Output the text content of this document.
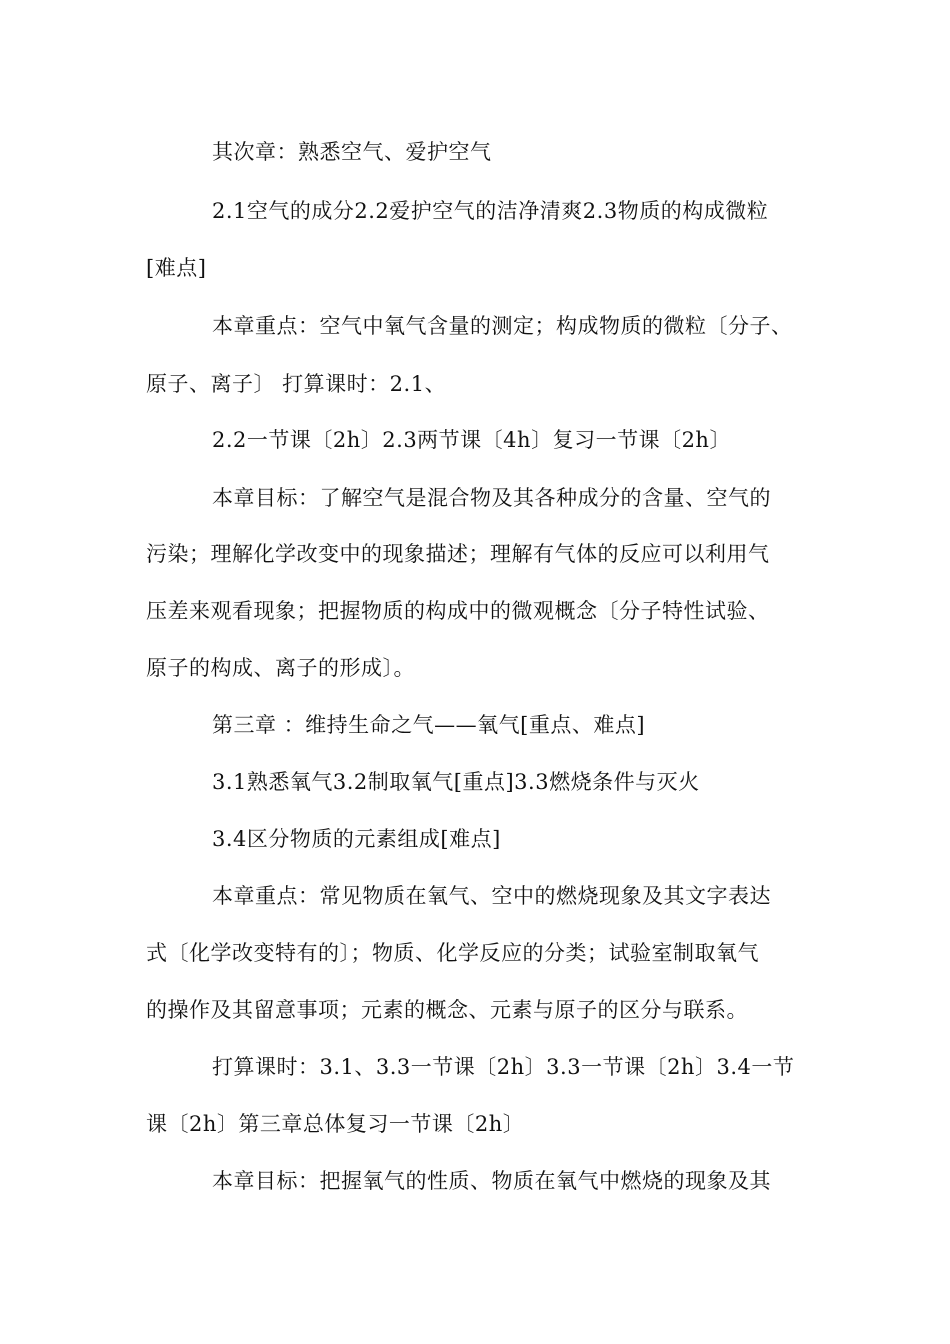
其次章：熟悉空气、爱护空气
2.1空气的成分2.2爱护空气的洁净清爽2.3物质的构成微粒
[难点]
本章重点：空气中氧气含量的测定；构成物质的微粒〔分子、
原子、离子〕 打算课时：2.1、
2.2一节课〔2h〕2.3两节课〔4h〕复习一节课〔2h〕
本章目标：了解空气是混合物及其各种成分的含量、空气的
污染；理解化学改变中的现象描述；理解有气体的反应可以利用气
压差来观看现象；把握物质的构成中的微观概念〔分子特性试验、
原子的构成、离子的形成〕。
第三章 ：维持生命之气——氧气[重点、难点]
3.1熟悉氧气3.2制取氧气[重点]3.3燃烧条件与灭火
3.4区分物质的元素组成[难点]
本章重点：常见物质在氧气、空中的燃烧现象及其文字表达
式〔化学改变特有的〕；物质、化学反应的分类；试验室制取氧气
的操作及其留意事项；元素的概念、元素与原子的区分与联系。
打算课时：3.1、3.3一节课〔2h〕3.3一节课〔2h〕3.4一节
课〔2h〕第三章总体复习一节课〔2h〕
本章目标：把握氧气的性质、物质在氧气中燃烧的现象及其
